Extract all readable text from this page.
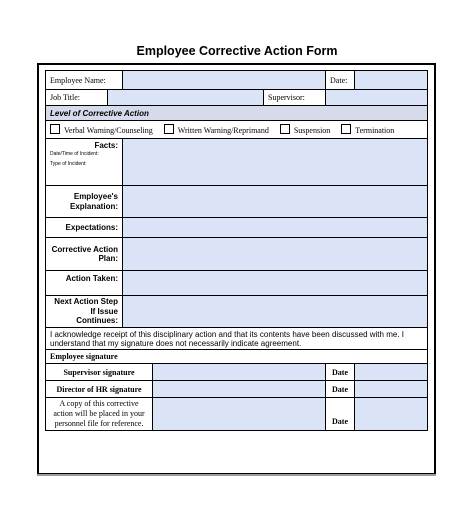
Employee Corrective Action Form
Employee Name:					Date:	
Job Title:				Supervisor:		
Level of Corrective Action						
Verbal Warning/Counseling Written Warning/Reprimand Suspension Termination						
Facts:
Date/Time of Incident:
Type of Incident:						

Employee's Explanation:						
Expectations:						
Corrective Action Plan:						
Action Taken:						
Next Action Step If Issue Continues:						
I acknowledge receipt of this disciplinary action and that its contents have been discussed with me. I understand that my signature does not necessarily indicate agreement.						
Employee signature						
Supervisor signature					Date	
Director of HR signature					Date	
A copy of this corrective action will be placed in your personnel file for reference.					Date	
